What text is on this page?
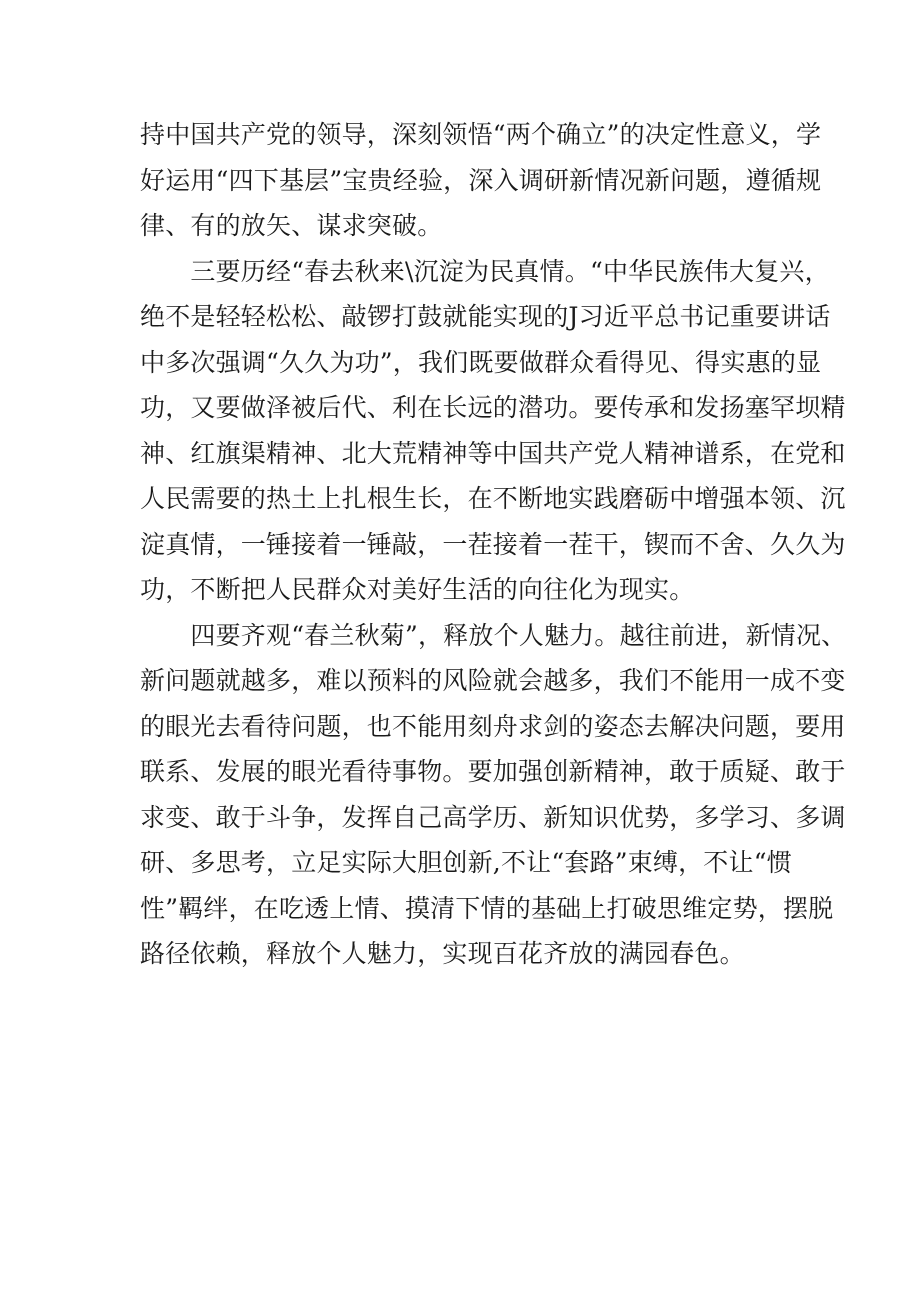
持中国共产党的领导，深刻领悟“两个确立”的决定性意义，学
好运用“四下基层”宝贵经验，深入调研新情况新问题，遵循规
律、有的放矢、谋求突破。
　　三要历经“春去秋来\沉淀为民真情。“中华民族伟大复兴，
绝不是轻轻松松、敲锣打鼓就能实现的J习近平总书记重要讲话
中多次强调“久久为功”，我们既要做群众看得见、得实惠的显
功，又要做泽被后代、利在长远的潜功。要传承和发扬塞罕坝精
神、红旗渠精神、北大荒精神等中国共产党人精神谱系，在党和
人民需要的热土上扎根生长，在不断地实践磨砺中增强本领、沉
淀真情，一锤接着一锤敲，一茬接着一茬干，锲而不舍、久久为
功，不断把人民群众对美好生活的向往化为现实。
　　四要齐观“春兰秋菊”，释放个人魅力。越往前进，新情况、
新问题就越多，难以预料的风险就会越多，我们不能用一成不变
的眼光去看待问题，也不能用刻舟求剑的姿态去解决问题，要用
联系、发展的眼光看待事物。要加强创新精神，敢于质疑、敢于
求变、敢于斗争，发挥自己高学历、新知识优势，多学习、多调
研、多思考，立足实际大胆创新,不让“套路”束缚，不让“惯
性”羁绊，在吃透上情、摸清下情的基础上打破思维定势，摆脱
路径依赖，释放个人魅力，实现百花齐放的满园春色。
